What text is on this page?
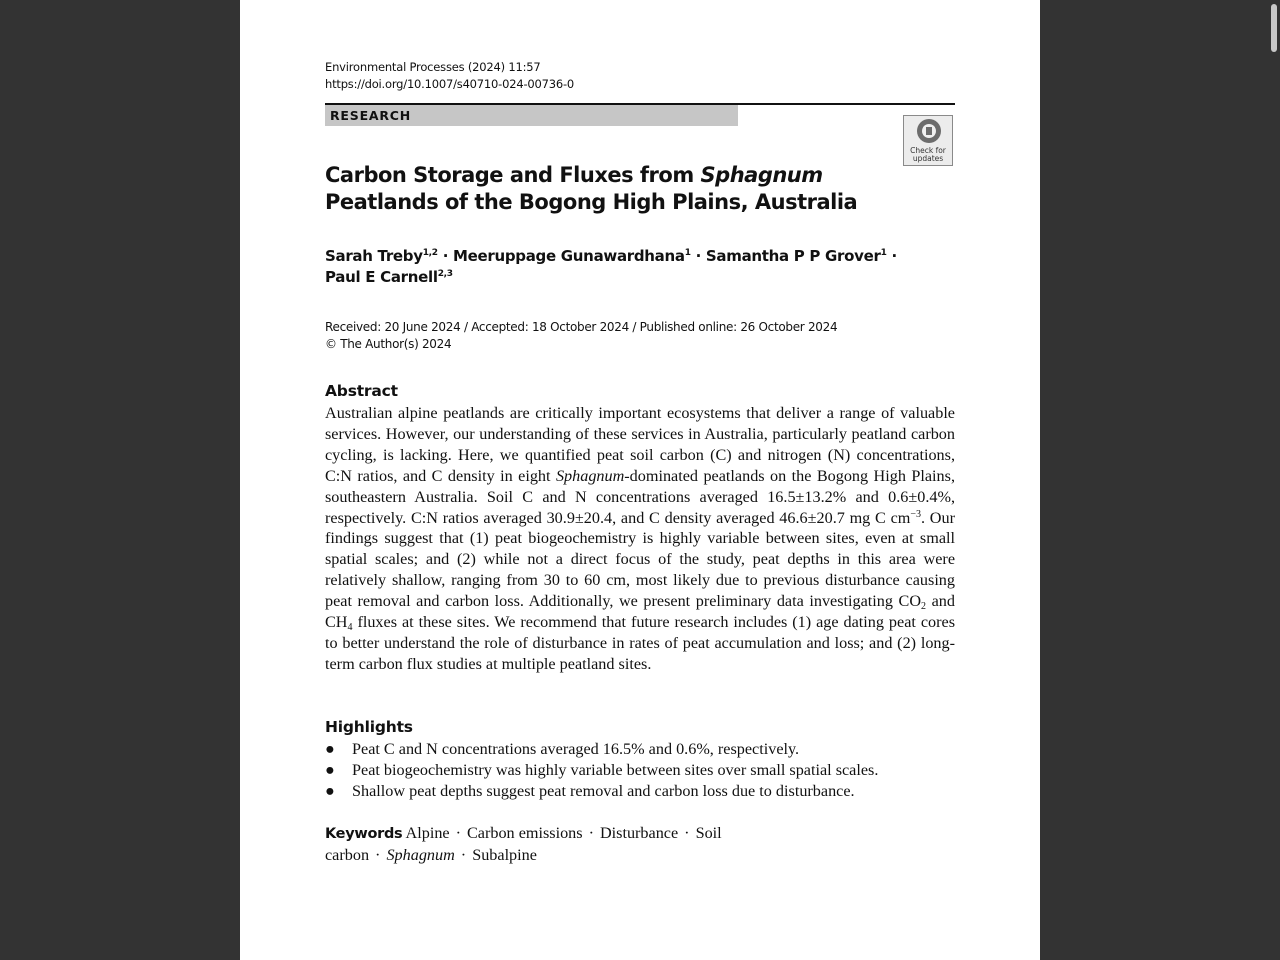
Environmental Processes (2024) 11:57
https://doi.org/10.1007/s40710-024-00736-0
RESEARCH
Check for
updates
Carbon Storage and Fluxes from Sphagnum Peatlands of the Bogong High Plains, Australia
Sarah Treby$^{1,2}$ · Meeruppage Gunawardhana$^1$ · Samantha P P Grover$^1$ ·
Paul E Carnell$^{2,3}$
Received: 20 June 2024 / Accepted: 18 October 2024 / Published online: 26 October 2024
© The Author(s) 2024
Abstract

Australian alpine peatlands are critically important ecosystems that deliver a range of valuable services. However, our understanding of these services in Australia, particularly peatland carbon cycling, is lacking. Here, we quantified peat soil carbon (C) and nitrogen (N) concentrations, C:N ratios, and C density in eight Sphagnum-dominated peatlands on the Bogong High Plains, southeastern Australia. Soil C and N concentrations averaged 16.5±13.2% and 0.6±0.4%, respectively. C:N ratios averaged 30.9±20.4, and C density averaged 46.6±20.7 mg C $cm^{-3}$. Our findings suggest that (1) peat biogeochemistry is highly variable between sites, even at small spatial scales; and (2) while not a direct focus of the study, peat depths in this area were relatively shallow, ranging from 30 to 60 cm, most likely due to previous disturbance causing peat removal and carbon loss. Additionally, we present preliminary data investigating $CO_2$ and $CH_4$ fluxes at these sites. We recommend that future research includes (1) age dating peat cores to better understand the role of disturbance in rates of peat accumulation and loss; and (2) long-term carbon flux studies at multiple peatland sites.

Highlights
● Peat C and N concentrations averaged 16.5% and 0.6%, respectively.
● Peat biogeochemistry was highly variable between sites over small spatial scales.
● Shallow peat depths suggest peat removal and carbon loss due to disturbance.
Keywords Alpine · Carbon emissions · Disturbance · Soil carbon · Sphagnum · Subalpine
